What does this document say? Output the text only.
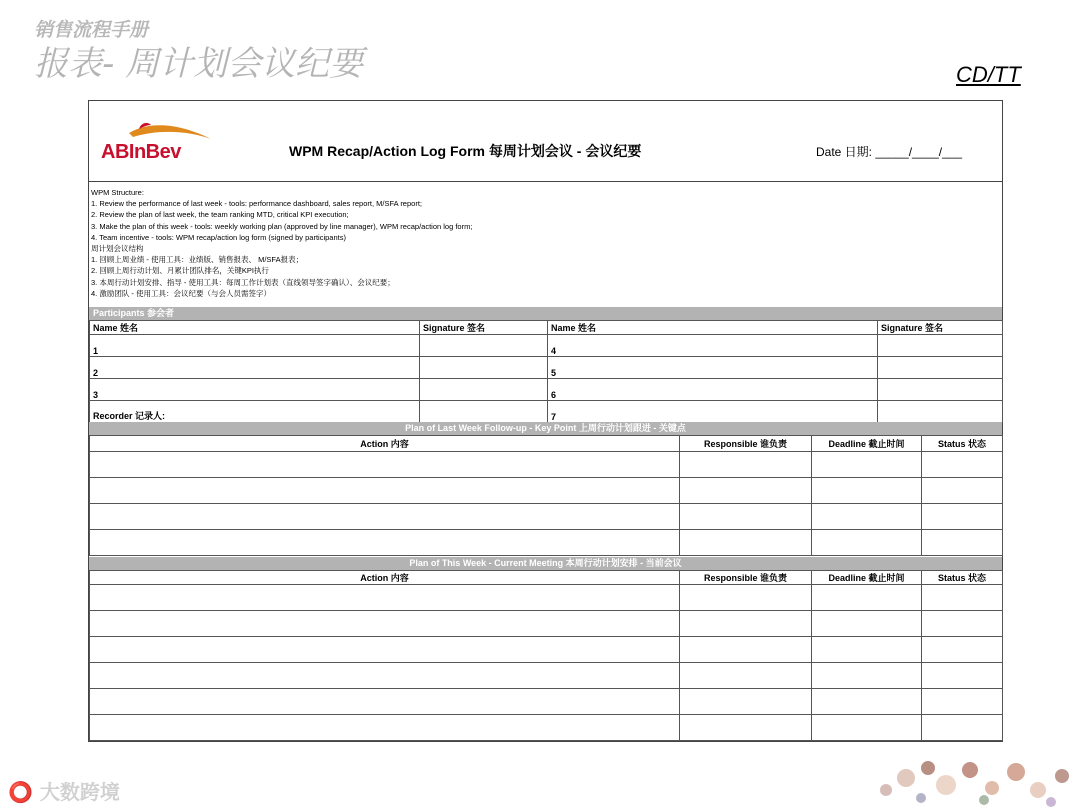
销售流程手册
报表- 周计划会议纪要	CD/TT
ABInBev	WPM Recap/Action Log Form 每周计划会议 - 会议纪要	Date 日期: _____/____/___
WPM Structure:
1. Review the performance of last week - tools: performance dashboard, sales report, M/SFA report;
2. Review the plan of last week, the team ranking MTD, critical KPI execution;
3. Make the plan of this week - tools: weekly working plan (approved by line manager), WPM recap/action log form;
4. Team incentive - tools: WPM recap/action log form (signed by participants)
周计划会议结构
1. 回顾上周业绩 - 使用工具：业绩版、销售报表、 M/SFA报表；
2. 回顾上周行动计划、月累计团队排名，关键KPI执行
3. 本周行动计划安排、指导 - 使用工具：每周工作计划表（直线领导签字确认）、会议纪要；
4. 激励团队 - 使用工具：会议纪要（与会人员需签字）
Participants 参会者
Name 姓名	Signature 签名	Name 姓名	Signature 签名
1		4	
2		5	
3		6	
Recorder 记录人:		7	
Plan of Last Week Follow-up - Key Point 上周行动计划跟进 - 关键点
Action 内容	Responsible 谁负责	Deadline 截止时间	Status 状态

Plan of This Week - Current Meeting 本周行动计划安排 - 当前会议
Action 内容	Responsible 谁负责	Deadline 截止时间	Status 状态

⭕ 大数跨境
